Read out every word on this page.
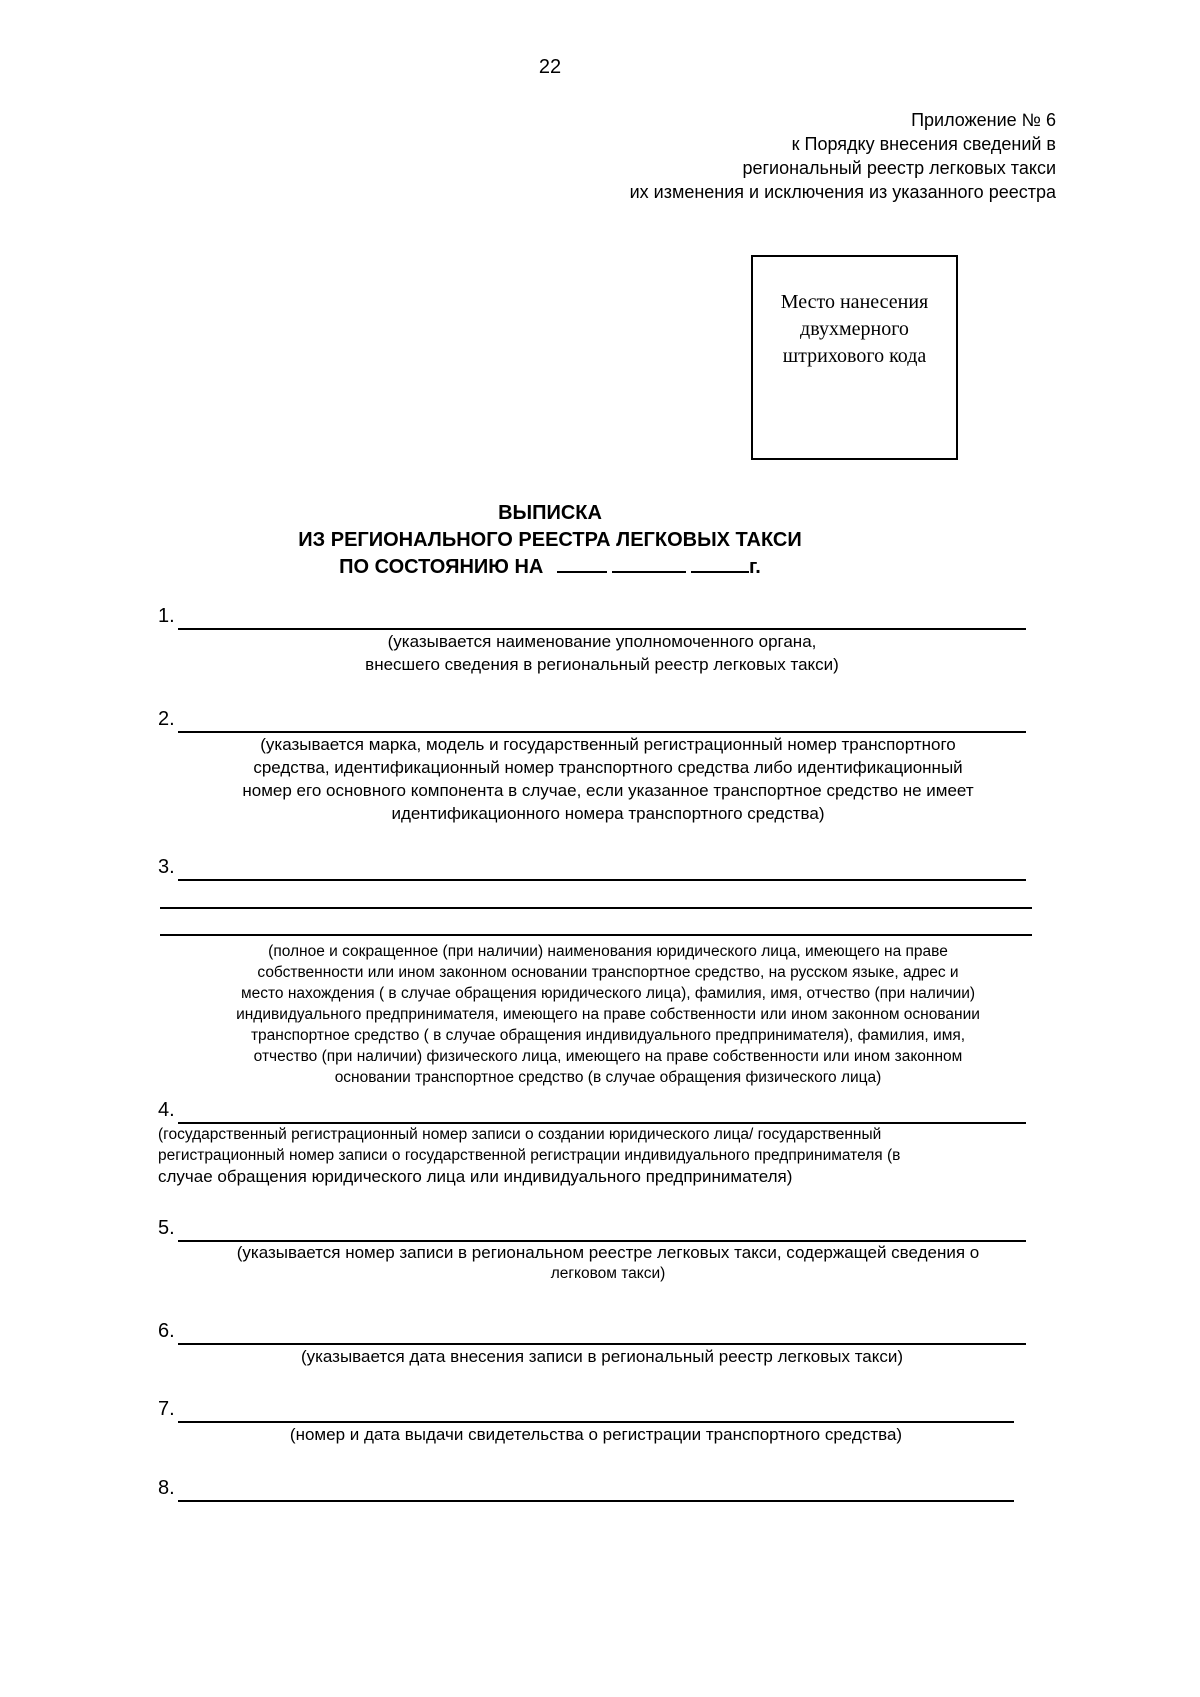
22
Приложение № 6
к Порядку внесения сведений в
региональный реестр легковых такси
их изменения и исключения из указанного реестра
Место нанесения
двухмерного
штрихового кода
ВЫПИСКА
ИЗ РЕГИОНАЛЬНОГО РЕЕСТРА ЛЕГКОВЫХ ТАКСИ
ПО СОСТОЯНИЮ НА	г.
1.
(указывается наименование уполномоченного органа,
внесшего сведения в региональный реестр легковых такси)
2.
(указывается марка, модель и государственный регистрационный номер транспортного
средства, идентификационный номер транспортного средства либо идентификационный
номер его основного компонента в случае, если указанное транспортное средство не имеет
идентификационного номера транспортного средства)
3.
(полное и сокращенное (при наличии) наименования юридического лица, имеющего на праве
собственности или ином законном основании транспортное средство, на русском языке, адрес и
место нахождения ( в случае обращения юридического лица), фамилия, имя, отчество (при наличии)
индивидуального предпринимателя, имеющего на праве собственности или ином законном основании
транспортное средство ( в случае обращения индивидуального предпринимателя), фамилия, имя,
отчество (при наличии) физического лица, имеющего на праве собственности или ином законном
основании транспортное средство (в случае обращения физического лица)
4.
(государственный регистрационный номер записи о создании юридического лица/ государственный
регистрационный номер записи о государственной регистрации индивидуального предпринимателя (в
случае обращения юридического лица или индивидуального предпринимателя)
5.
(указывается номер записи в региональном реестре легковых такси, содержащей сведения о
легковом такси)
6.
(указывается дата внесения записи в региональный реестр легковых такси)
7.
(номер и дата выдачи свидетельства о регистрации транспортного средства)
8.
